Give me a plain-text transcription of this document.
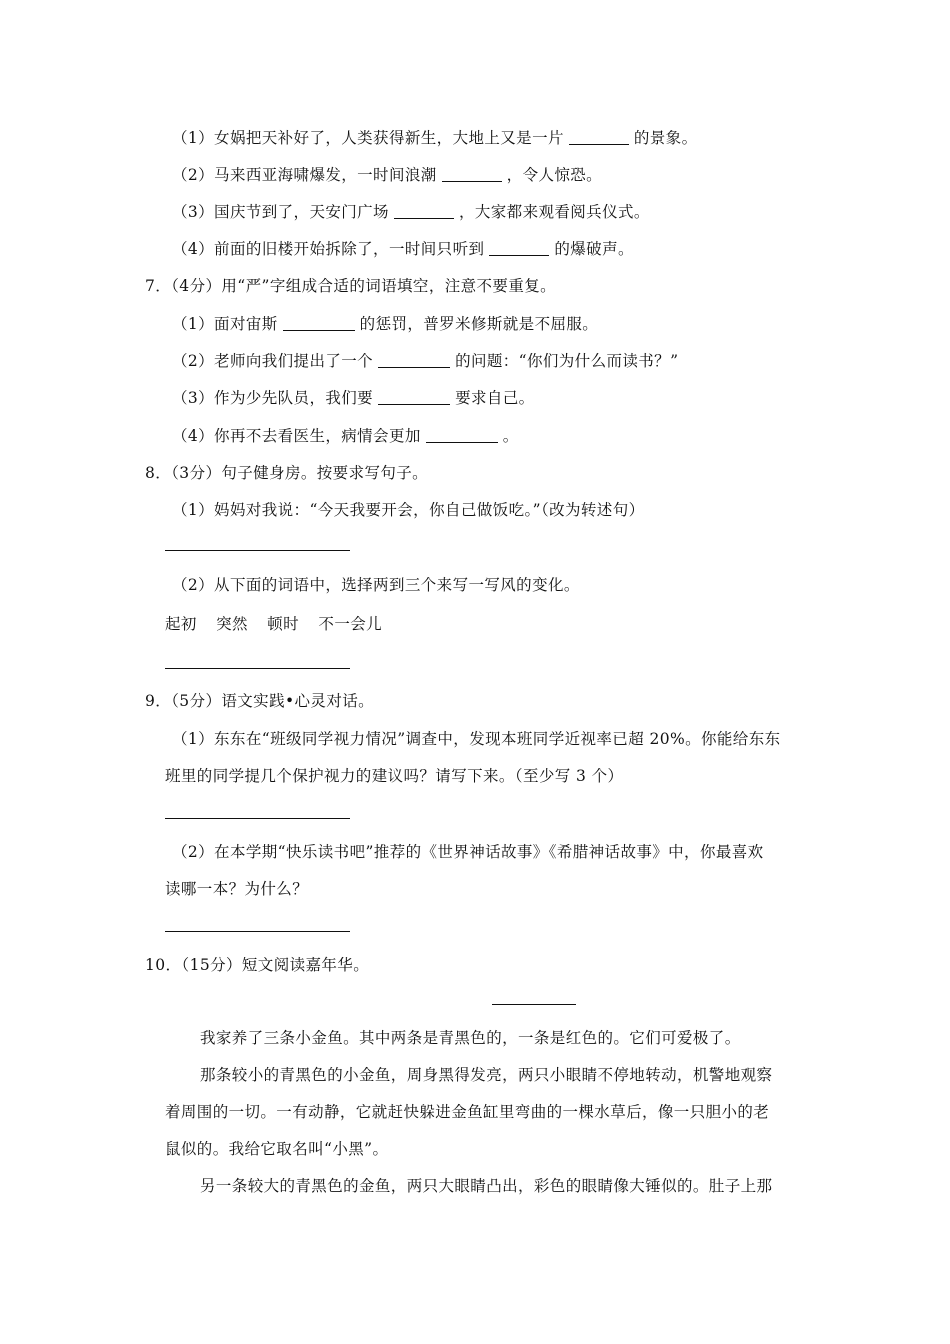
（1）女娲把天补好了，人类获得新生，大地上又是一片	的景象。
（2）马来西亚海啸爆发，一时间浪潮	，令人惊恐。
（3）国庆节到了，天安门广场	，大家都来观看阅兵仪式。
（4）前面的旧楼开始拆除了，一时间只听到	的爆破声。
7．（4分）用“严”字组成合适的词语填空，注意不要重复。
（1）面对宙斯	的惩罚，普罗米修斯就是不屈服。
（2）老师向我们提出了一个	的问题：“你们为什么而读书？”
（3）作为少先队员，我们要	要求自己。
（4）你再不去看医生，病情会更加	。
8．（3分）句子健身房。按要求写句子。
（1）妈妈对我说：“今天我要开会，你自己做饭吃。”（改为转述句）
（2）从下面的词语中，选择两到三个来写一写风的变化。
起初 突然 顿时 不一会儿
9．（5分）语文实践•心灵对话。
（1）东东在“班级同学视力情况”调查中，发现本班同学近视率已超 20%。你能给东东
班里的同学提几个保护视力的建议吗？请写下来。（至少写 3 个）
（2）在本学期“快乐读书吧”推荐的《世界神话故事》《希腊神话故事》中，你最喜欢
读哪一本？为什么？
10．（15分）短文阅读嘉年华。
我家养了三条小金鱼。其中两条是青黑色的，一条是红色的。它们可爱极了。
那条较小的青黑色的小金鱼，周身黑得发亮，两只小眼睛不停地转动，机警地观察
着周围的一切。一有动静，它就赶快躲进金鱼缸里弯曲的一棵水草后，像一只胆小的老
鼠似的。我给它取名叫“小黑”。
另一条较大的青黑色的金鱼，两只大眼睛凸出，彩色的眼睛像大锤似的。肚子上那
